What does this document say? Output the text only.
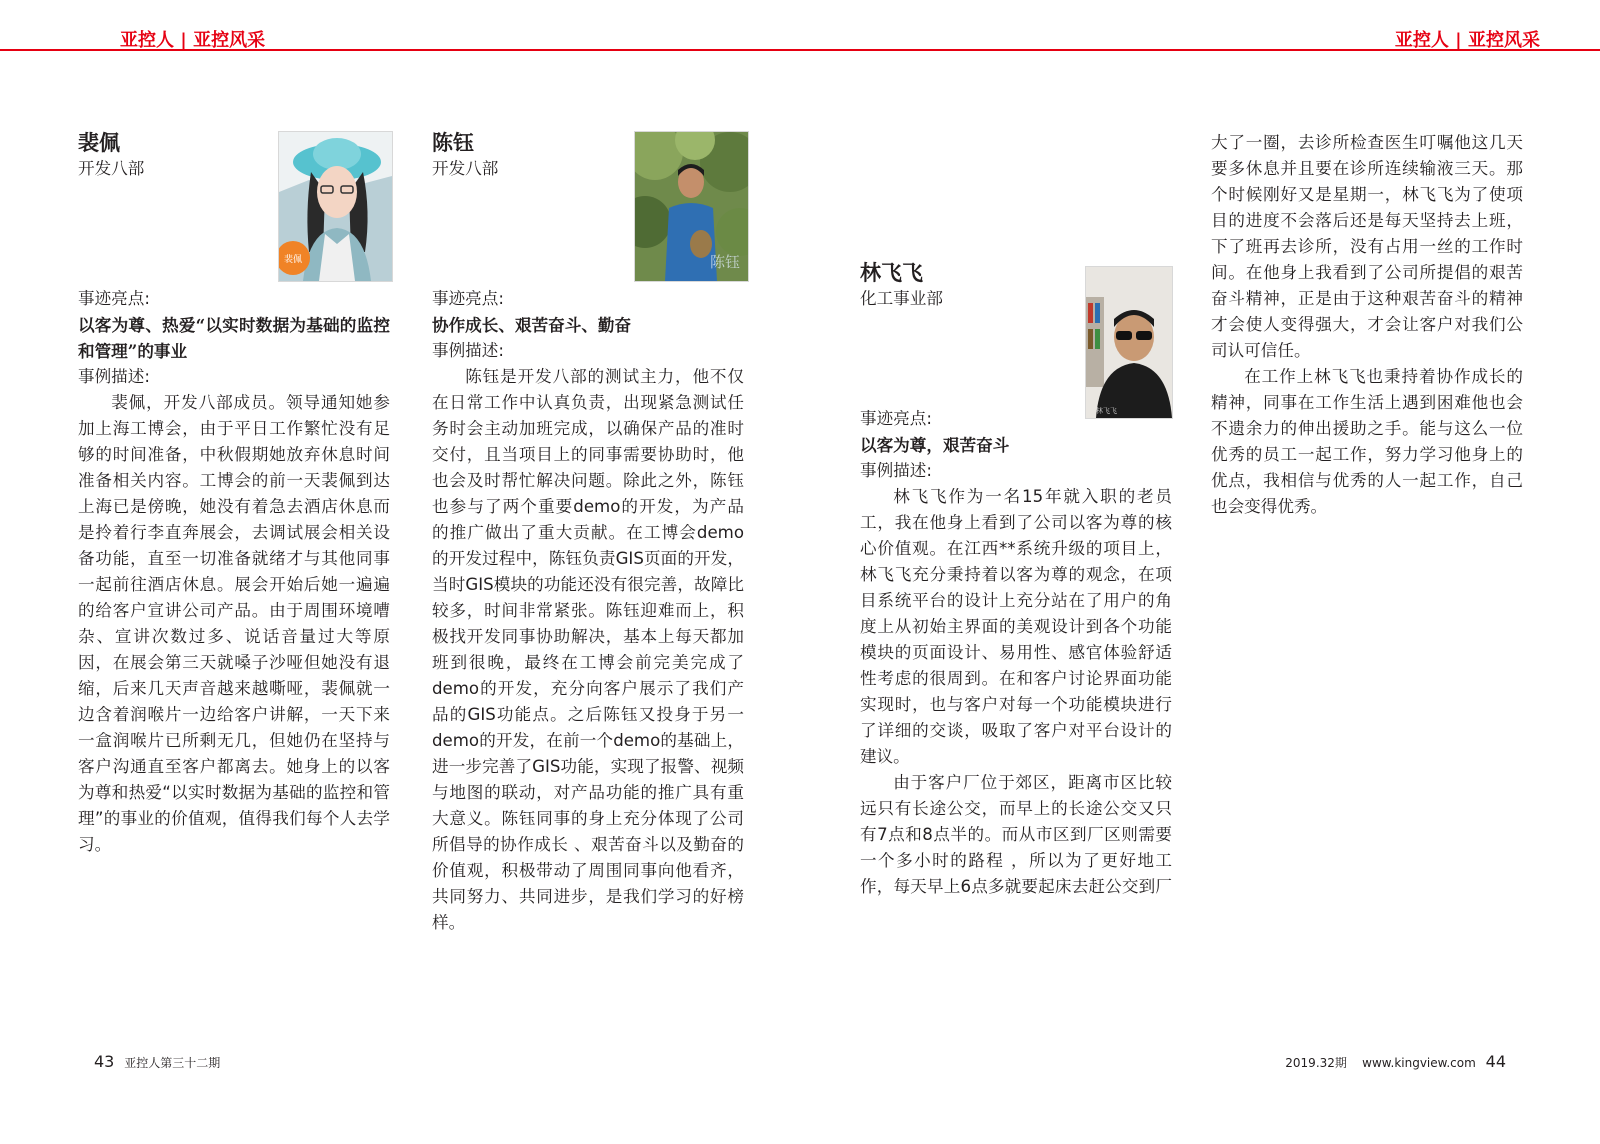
亚控人 | 亚控风采	亚控人 | 亚控风采
裴佩

裴佩

开发八部

事迹亮点:

以客为尊、热爱“以实时数据为基础的监控和管理”的事业

事例描述:

裴佩，开发八部成员。领导通知她参加上海工博会，由于平日工作繁忙没有足够的时间准备，中秋假期她放弃休息时间准备相关内容。工博会的前一天裴佩到达上海已是傍晚，她没有着急去酒店休息而是拎着行李直奔展会，去调试展会相关设备功能，直至一切准备就绪才与其他同事一起前往酒店休息。展会开始后她一遍遍的给客户宣讲公司产品。由于周围环境嘈杂、宣讲次数过多、说话音量过大等原因，在展会第三天就嗓子沙哑但她没有退缩，后来几天声音越来越嘶哑，裴佩就一边含着润喉片一边给客户讲解，一天下来一盒润喉片已所剩无几，但她仍在坚持与客户沟通直至客户都离去。她身上的以客为尊和热爱“以实时数据为基础的监控和管理”的事业的价值观，值得我们每个人去学习。

陈钰

陈钰

开发八部

事迹亮点:

协作成长、艰苦奋斗、勤奋

事例描述:

陈钰是开发八部的测试主力，他不仅在日常工作中认真负责，出现紧急测试任务时会主动加班完成，以确保产品的准时交付，且当项目上的同事需要协助时，他也会及时帮忙解决问题。除此之外，陈钰也参与了两个重要demo的开发，为产品的推广做出了重大贡献。在工博会demo的开发过程中，陈钰负责GIS页面的开发，当时GIS模块的功能还没有很完善，故障比较多，时间非常紧张。陈钰迎难而上，积极找开发同事协助解决，基本上每天都加班到很晚，最终在工博会前完美完成了demo的开发，充分向客户展示了我们产品的GIS功能点。之后陈钰又投身于另一demo的开发，在前一个demo的基础上，进一步完善了GIS功能，实现了报警、视频与地图的联动，对产品功能的推广具有重大意义。陈钰同事的身上充分体现了公司所倡导的协作成长 、艰苦奋斗以及勤奋的价值观，积极带动了周围同事向他看齐，共同努力、共同进步，是我们学习的好榜样。

林飞飞

林飞飞

化工事业部

事迹亮点:

以客为尊，艰苦奋斗

事例描述:

林飞飞作为一名15年就入职的老员工，我在他身上看到了公司以客为尊的核心价值观。在江西**系统升级的项目上，林飞飞充分秉持着以客为尊的观念，在项目系统平台的设计上充分站在了用户的角度上从初始主界面的美观设计到各个功能模块的页面设计、易用性、感官体验舒适性考虑的很周到。在和客户讨论界面功能实现时，也与客户对每一个功能模块进行了详细的交谈，吸取了客户对平台设计的建议。

由于客户厂位于郊区，距离市区比较远只有长途公交，而早上的长途公交又只有7点和8点半的。而从市区到厂区则需要一个多小时的路程 ，所以为了更好地工作，每天早上6点多就要起床去赶公交到厂

大了一圈，去诊所检查医生叮嘱他这几天要多休息并且要在诊所连续输液三天。那个时候刚好又是星期一，林飞飞为了使项目的进度不会落后还是每天坚持去上班，下了班再去诊所，没有占用一丝的工作时间。在他身上我看到了公司所提倡的艰苦奋斗精神，正是由于这种艰苦奋斗的精神才会使人变得强大，才会让客户对我们公司认可信任。

在工作上林飞飞也秉持着协作成长的精神，同事在工作生活上遇到困难他也会不遗余力的伸出援助之手。能与这么一位优秀的员工一起工作，努力学习他身上的优点，我相信与优秀的人一起工作，自己也会变得优秀。

43 亚控人第三十二期	2019.32期 www.kingview.com 44
